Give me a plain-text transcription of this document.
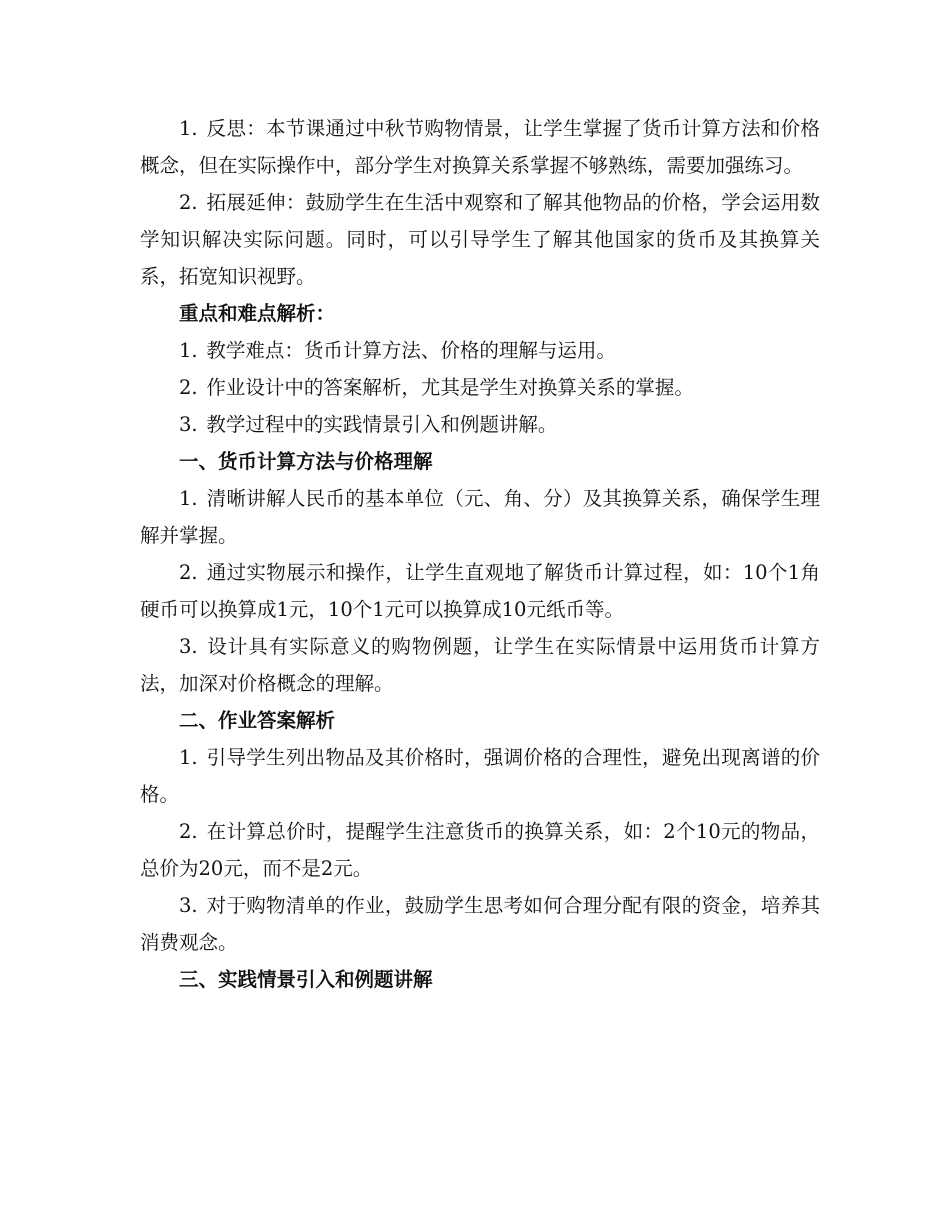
1. 反思：本节课通过中秋节购物情景，让学生掌握了货币计算方法和价格概念，但在实际操作中，部分学生对换算关系掌握不够熟练，需要加强练习。

2. 拓展延伸：鼓励学生在生活中观察和了解其他物品的价格，学会运用数学知识解决实际问题。同时，可以引导学生了解其他国家的货币及其换算关系，拓宽知识视野。

重点和难点解析：

1. 教学难点：货币计算方法、价格的理解与运用。

2. 作业设计中的答案解析，尤其是学生对换算关系的掌握。

3. 教学过程中的实践情景引入和例题讲解。

一、货币计算方法与价格理解

1. 清晰讲解人民币的基本单位（元、角、分）及其换算关系，确保学生理解并掌握。

2. 通过实物展示和操作，让学生直观地了解货币计算过程，如：10个1角硬币可以换算成1元，10个1元可以换算成10元纸币等。

3. 设计具有实际意义的购物例题，让学生在实际情景中运用货币计算方法，加深对价格概念的理解。

二、作业答案解析

1. 引导学生列出物品及其价格时，强调价格的合理性，避免出现离谱的价格。

2. 在计算总价时，提醒学生注意货币的换算关系，如：2个10元的物品，总价为20元，而不是2元。

3. 对于购物清单的作业，鼓励学生思考如何合理分配有限的资金，培养其消费观念。

三、实践情景引入和例题讲解
